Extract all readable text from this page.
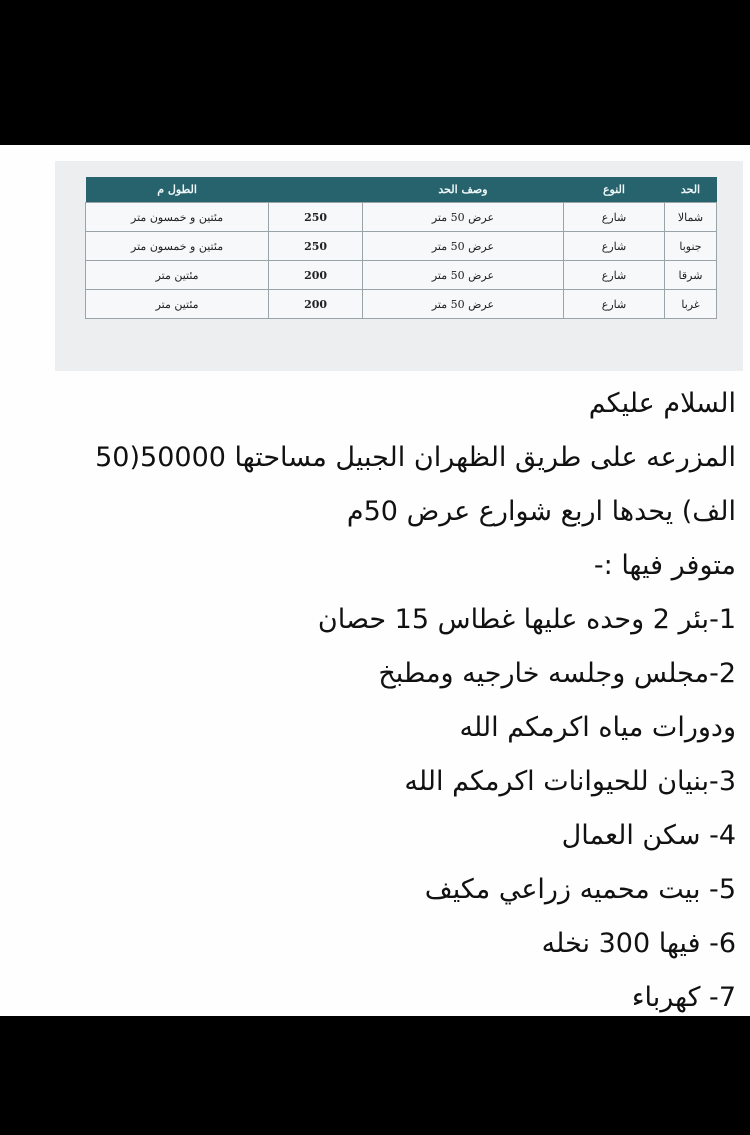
الحد	النوع	وصف الحد		الطول م
شمالا	شارع	عرض 50 متر	250	مئتين و خمسون متر
جنوبا	شارع	عرض 50 متر	250	مئتين و خمسون متر
شرقا	شارع	عرض 50 متر	200	مئتين متر
غربا	شارع	عرض 50 متر	200	مئتين متر
السلام عليكم
المزرعه على طريق الظهران الجبيل مساحتها 50000(50
الف) يحدها اربع شوارع عرض 50م
متوفر فيها :-
1-بئر 2 وحده عليها غطاس 15 حصان
2-مجلس وجلسه خارجيه ومطبخ
ودورات مياه اكرمكم الله
3-بنيان للحيوانات اكرمكم الله
4- سكن العمال
5- بيت محميه زراعي مكيف
6- فيها 300 نخله
7- كهرباء
